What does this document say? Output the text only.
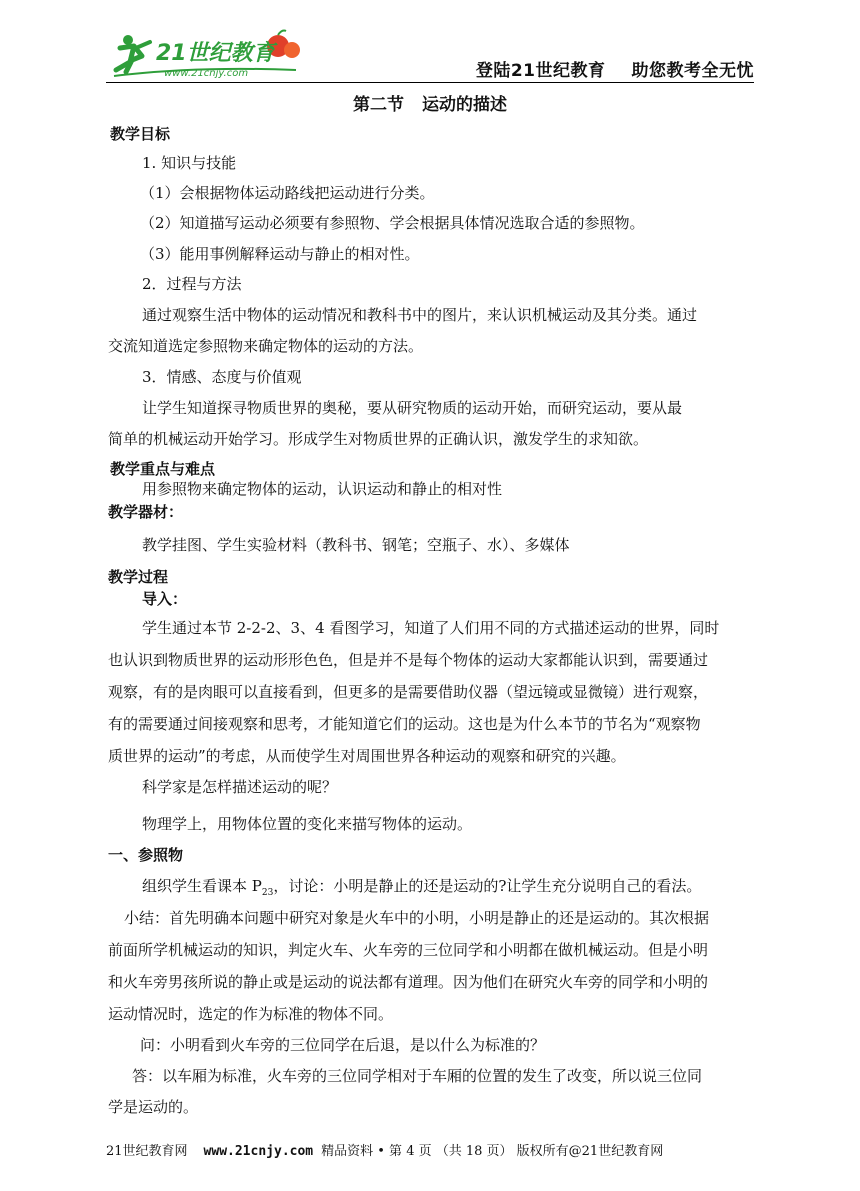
21世纪教育
www.21cnjy.com	登陆21世纪教育 助您教考全无忧
第二节 运动的描述
教学目标
1. 知识与技能
（1）会根据物体运动路线把运动进行分类。
（2）知道描写运动必须要有参照物、学会根据具体情况选取合适的参照物。
（3）能用事例解释运动与静止的相对性。
2．过程与方法
通过观察生活中物体的运动情况和教科书中的图片，来认识机械运动及其分类。通过
交流知道选定参照物来确定物体的运动的方法。
3．情感、态度与价值观
让学生知道探寻物质世界的奥秘，要从研究物质的运动开始，而研究运动，要从最
简单的机械运动开始学习。形成学生对物质世界的正确认识，激发学生的求知欲。
教学重点与难点
用参照物来确定物体的运动，认识运动和静止的相对性
教学器材：
教学挂图、学生实验材料（教科书、钢笔；空瓶子、水）、多媒体
教学过程
导入：
学生通过本节 2-2-2、3、4 看图学习，知道了人们用不同的方式描述运动的世界，同时
也认识到物质世界的运动形形色色，但是并不是每个物体的运动大家都能认识到，需要通过
观察，有的是肉眼可以直接看到，但更多的是需要借助仪器（望远镜或显微镜）进行观察，
有的需要通过间接观察和思考，才能知道它们的运动。这也是为什么本节的节名为“观察物
质世界的运动”的考虑，从而使学生对周围世界各种运动的观察和研究的兴趣。
科学家是怎样描述运动的呢？
物理学上，用物体位置的变化来描写物体的运动。
一、参照物
组织学生看课本 $P_{23}$，讨论：小明是静止的还是运动的?让学生充分说明自己的看法。
小结：首先明确本问题中研究对象是火车中的小明，小明是静止的还是运动的。其次根据
前面所学机械运动的知识，判定火车、火车旁的三位同学和小明都在做机械运动。但是小明
和火车旁男孩所说的静止或是运动的说法都有道理。因为他们在研究火车旁的同学和小明的
运动情况时，选定的作为标准的物体不同。
问：小明看到火车旁的三位同学在后退，是以什么为标准的？
答：以车厢为标准，火车旁的三位同学相对于车厢的位置的发生了改变，所以说三位同
学是运动的。
21世纪教育网 www.21cnjy.com 精品资料 • 第 4 页 （共 18 页） 版权所有@21世纪教育网
